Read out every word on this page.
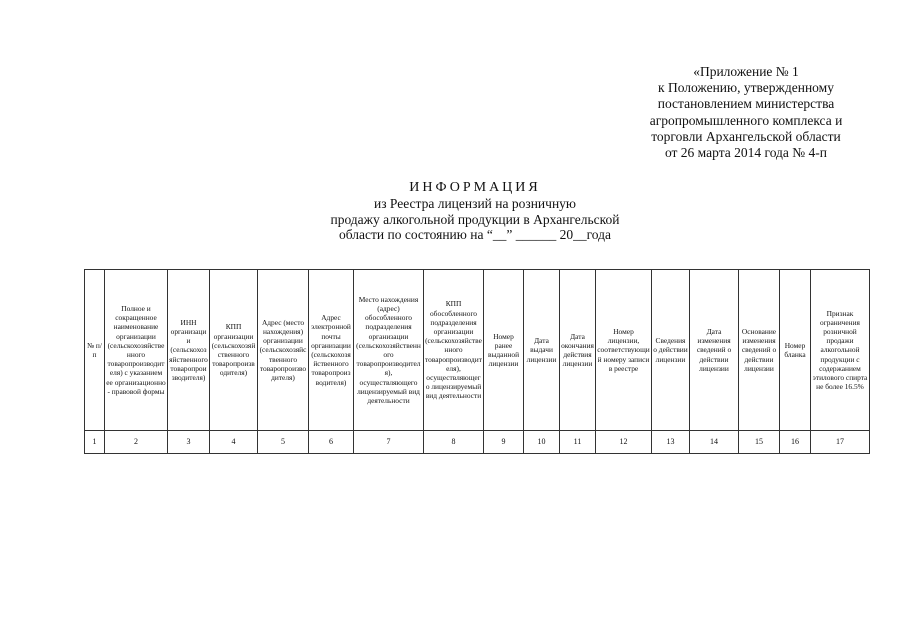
«Приложение № 1
к Положению, утвержденному
постановлением министерства
агропромышленного комплекса и
торговли Архангельской области
от 26 марта 2014 года № 4-п
ИНФОРМАЦИЯ
из Реестра лицензий на розничную
продажу алкогольной продукции в Архангельской
области по состоянию на “__” ______ 20__года
№ п/п	Полное и сокращенное наименование организации (сельскохозяйственного товаропроизводителя) с указанием ее организационно - правовой формы	ИНН организации (сельскохозяйственного товаропроизводителя)	КПП организации (сельскохозяйственного товаропроизводителя)	Адрес (место нахождения) организации (сельскохозяйственного товаропроизводителя)	Адрес электронной почты организации (сельскохозяйственного товаропроизводителя)	Место нахождения (адрес) обособленного подразделения организации (сельскохозяйственного товаропроизводителя), осуществляющего лицензируемый вид деятельности	КПП обособленного подразделения организации (сельскохозяйственного товаропроизводителя), осуществляющего лицензируемый вид деятельности	Номер ранее выданной лицензии	Дата выдачи лицензии	Дата окончания действия лицензии	Номер лицензии, соответствующий номеру записи в реестре	Сведения о действии лицензии	Дата изменения сведений о действии лицензии	Основание изменения сведений о действии лицензии	Номер бланка	Признак ограничения розничной продажи алкогольной продукции с содержанием этилового спирта не более 16.5%
1	2	3	4	5	6	7	8	9	10	11	12	13	14	15	16	17
